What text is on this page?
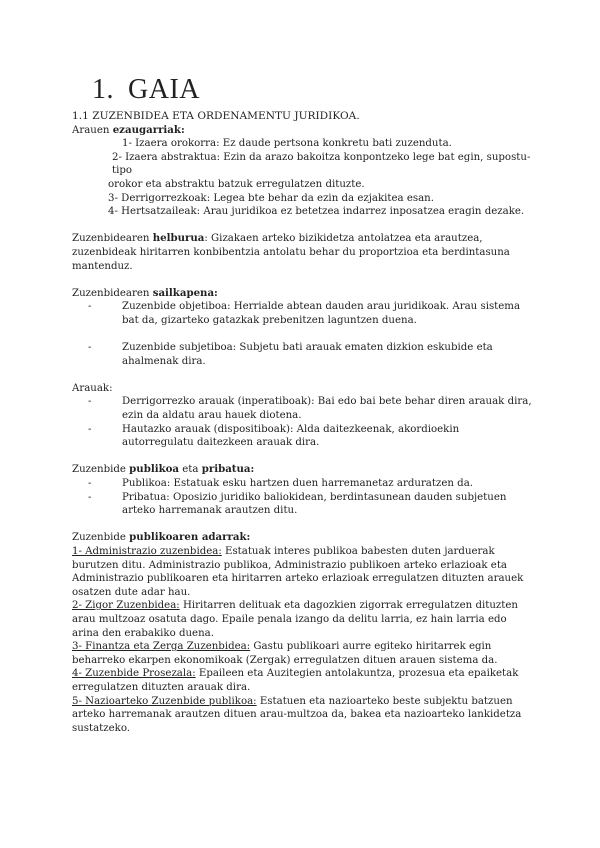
1. GAIA

1.1 ZUZENBIDEA ETA ORDENAMENTU JURIDIKOA.

Arauen ezaugarriak:

1- Izaera orokorra: Ez daude pertsona konkretu bati zuzenduta.

2- Izaera abstraktua: Ezin da arazo bakoitza konpontzeko lege bat egin, supostu-tipo

orokor eta abstraktu batzuk erregulatzen dituzte.

3- Derrigorrezkoak: Legea bte behar da ezin da ezjakitea esan.

4- Hertsatzaileak: Arau juridikoa ez betetzea indarrez inposatzea eragin dezake.

Zuzenbidearen helburua: Gizakaen arteko bizikidetza antolatzea eta arautzea, zuzenbideak hiritarren konbibentzia antolatu behar du proportzioa eta berdintasuna mantenduz.

Zuzenbidearen sailkapena:

- Zuzenbide objetiboa: Herrialde abtean dauden arau juridikoak. Arau sistema bat da, gizarteko gatazkak prebenitzen laguntzen duena.

- Zuzenbide subjetiboa: Subjetu bati arauak ematen dizkion eskubide eta ahalmenak dira.

Arauak:

- Derrigorrezko arauak (inperatiboak): Bai edo bai bete behar diren arauak dira, ezin da aldatu arau hauek diotena.

- Hautazko arauak (dispositiboak): Alda daitezkeenak, akordioekin autorregulatu daitezkeen arauak dira.

Zuzenbide publikoa eta pribatua:

- Publikoa: Estatuak esku hartzen duen harremanetaz arduratzen da.

- Pribatua: Oposizio juridiko baliokidean, berdintasunean dauden subjetuen arteko harremanak arautzen ditu.

Zuzenbide publikoaren adarrak:

1- Administrazio zuzenbidea: Estatuak interes publikoa babesten duten jarduerak burutzen ditu. Administrazio publikoa, Administrazio publikoen arteko erlazioak eta Administrazio publikoaren eta hiritarren arteko erlazioak erregulatzen dituzten arauek osatzen dute adar hau.

2- Zigor Zuzenbidea: Hiritarren delituak eta dagozkien zigorrak erregulatzen dituzten arau multzoaz osatuta dago. Epaile penala izango da delitu larria, ez hain larria edo arina den erabakiko duena.

3- Finantza eta Zerga Zuzenbidea: Gastu publikoari aurre egiteko hiritarrek egin beharreko ekarpen ekonomikoak (Zergak) erregulatzen dituen arauen sistema da.

4- Zuzenbide Prosezala: Epaileen eta Auzitegien antolakuntza, prozesua eta epaiketak erregulatzen dituzten arauak dira.

5- Nazioarteko Zuzenbide publikoa: Estatuen eta nazioarteko beste subjektu batzuen arteko harremanak arautzen dituen arau-multzoa da, bakea eta nazioarteko lankidetza sustatzeko.
